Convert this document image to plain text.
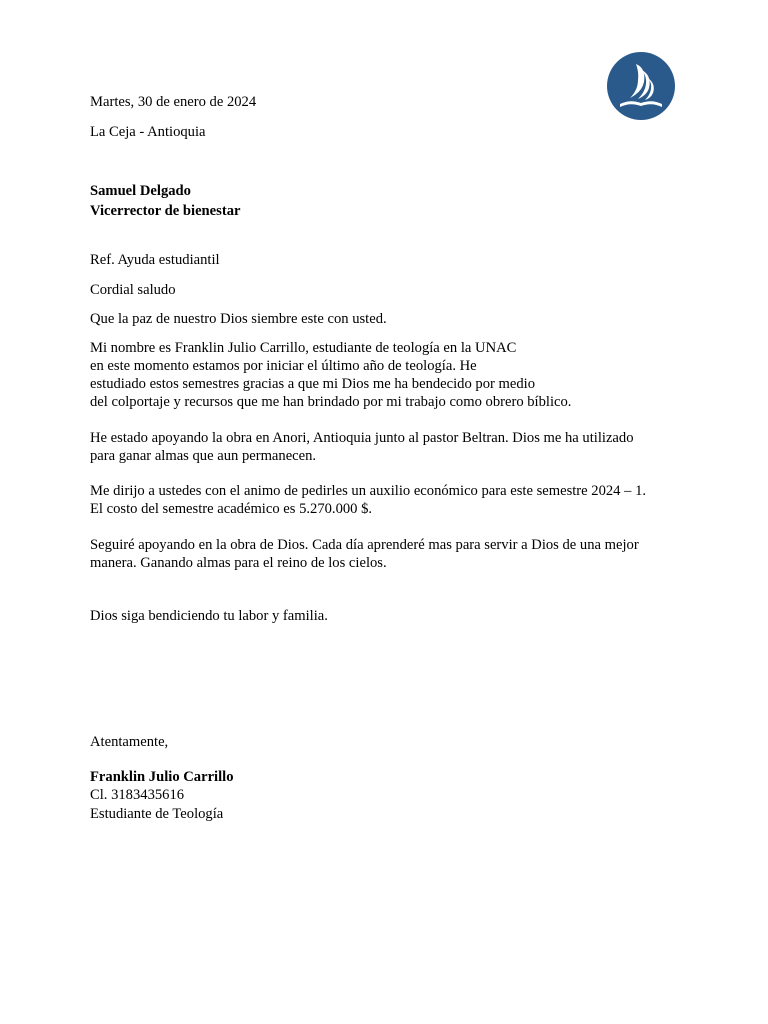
Martes, 30 de enero de 2024
La Ceja - Antioquia
Samuel Delgado
Vicerrector de bienestar
Ref. Ayuda estudiantil
Cordial saludo
Que la paz de nuestro Dios siembre este con usted.
Mi nombre es Franklin Julio Carrillo, estudiante de teología en la UNAC
en este momento estamos por iniciar el último año de teología. He
estudiado estos semestres gracias a que mi Dios me ha bendecido por medio
del colportaje y recursos que me han brindado por mi trabajo como obrero bíblico.
He estado apoyando la obra en Anori, Antioquia junto al pastor Beltran. Dios me ha utilizado
para ganar almas que aun permanecen.
Me dirijo a ustedes con el animo de pedirles un auxilio económico para este semestre 2024 – 1.
El costo del semestre académico es 5.270.000 $.
Seguiré apoyando en la obra de Dios. Cada día aprenderé mas para servir a Dios de una mejor
manera. Ganando almas para el reino de los cielos.
Dios siga bendiciendo tu labor y familia.
Atentamente,
Franklin Julio Carrillo
Cl. 3183435616
Estudiante de Teología
